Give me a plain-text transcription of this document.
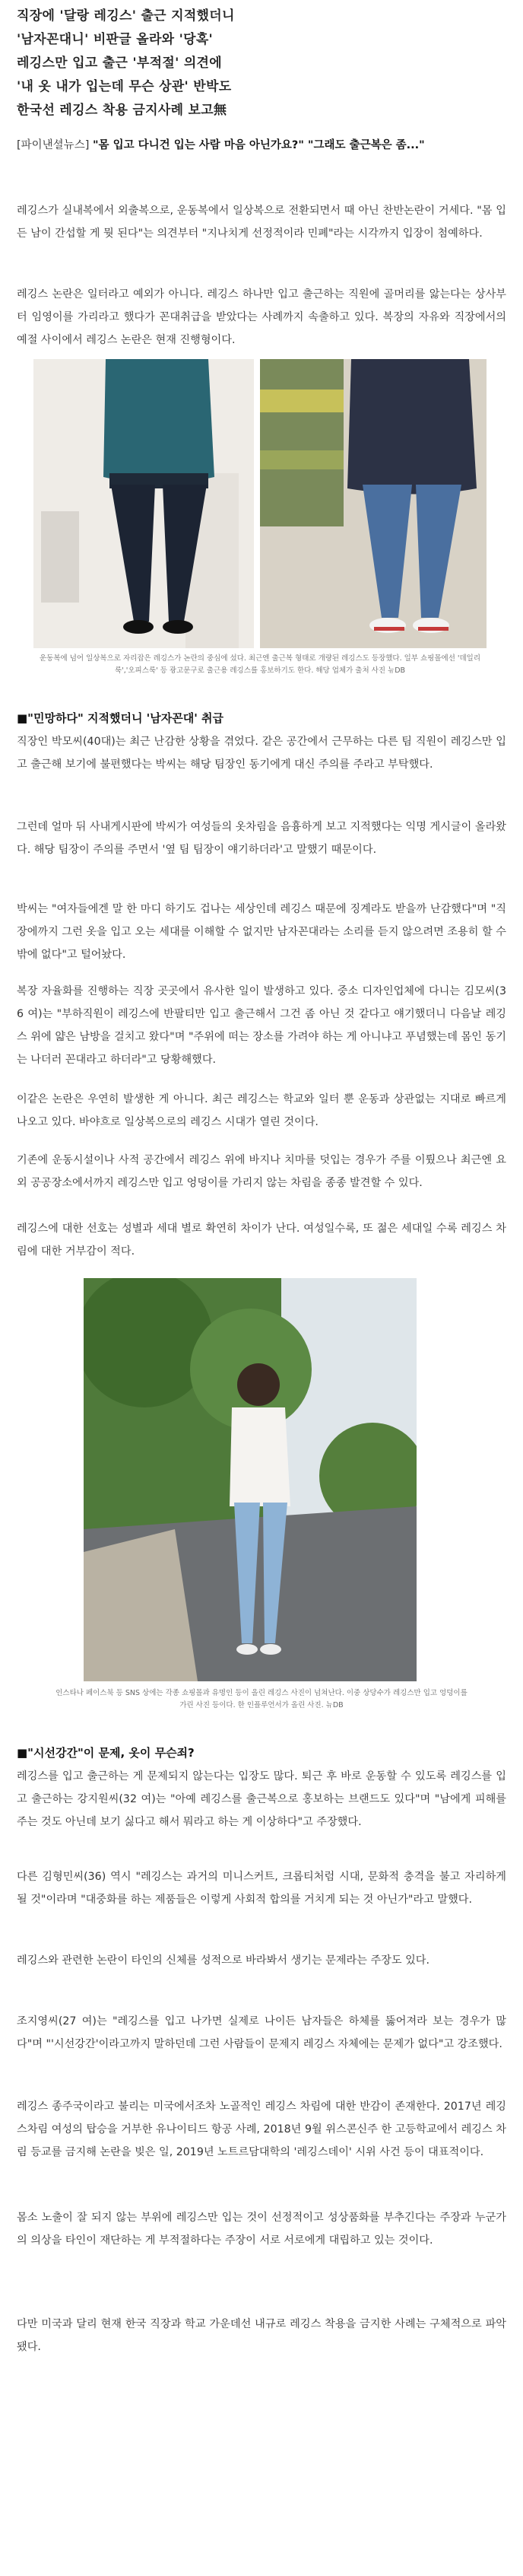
직장에 '달랑 레깅스' 출근 지적했더니
'남자꼰대니' 비판글 올라와 '당혹'
레깅스만 입고 출근 '부적절' 의견에
'내 옷 내가 입는데 무슨 상관' 반박도
한국선 레깅스 착용 금지사례 보고無

[파이낸셜뉴스] "몸 입고 다니건 입는 사람 마음 아닌가요?" "그래도 출근복은 좀..."

레깅스가 실내복에서 외출복으로, 운동복에서 일상복으로 전환되면서 때 아닌 찬반논란이 거세다. "몸 입든 남이 간섭할 게 뭣 된다"는 의견부터 "지나치게 선정적이라 민폐"라는 시각까지 입장이 첨예하다.

레깅스 논란은 일터라고 예외가 아니다. 레깅스 하나만 입고 출근하는 직원에 골머리를 앓는다는 상사부터 임영이를 가리라고 했다가 꼰대취급을 받았다는 사례까지 속출하고 있다. 복장의 자유와 직장에서의 예절 사이에서 레깅스 논란은 현재 진행형이다.

운동복에 넘어 일상복으로 자리잡은 레깅스가 논란의 중심에 섰다. 최근엔 출근복 형태로 개량된 레깅스도 등장했다. 일부 쇼핑몰에선 '데일리룩','오피스룩' 등 광고문구로 출근용 레깅스를 홍보하기도 한다. 해당 업체가 출처 사진 뉴DB

■"민망하다" 지적했더니 '남자꼰대' 취급

직장인 박모씨(40대)는 최근 난감한 상황을 겪었다. 같은 공간에서 근무하는 다른 팀 직원이 레깅스만 입고 출근해 보기에 불편했다는 박씨는 해당 팀장인 동기에게 대신 주의를 주라고 부탁했다.

그런데 얼마 뒤 사내게시판에 박씨가 여성들의 옷차림을 음흉하게 보고 지적했다는 익명 게시글이 올라왔다. 해당 팀장이 주의를 주면서 '옆 팀 팀장이 얘기하더라'고 말했기 때문이다.

박씨는 "여자들에겐 말 한 마디 하기도 겁나는 세상인데 레깅스 때문에 징계라도 받을까 난감했다"며 "직장에까지 그런 옷을 입고 오는 세대를 이해할 수 없지만 남자꼰대라는 소리를 듣지 않으려면 조용히 할 수밖에 없다"고 털어놨다.

복장 자율화를 진행하는 직장 곳곳에서 유사한 일이 발생하고 있다. 중소 디자인업체에 다니는 김모씨(36 여)는 "부하직원이 레깅스에 반팔티만 입고 출근해서 그건 좀 아닌 것 같다고 얘기했더니 다음날 레깅스 위에 얇은 남방을 걸치고 왔다"며 "주위에 떠는 장소를 가려야 하는 게 아니냐고 푸념했는데 몸인 동기는 나더러 꼰대라고 하더라"고 당황해했다.

이같은 논란은 우연히 발생한 게 아니다. 최근 레깅스는 학교와 일터 뿐 운동과 상관없는 지대로 빠르게 나오고 있다. 바야흐로 일상복으로의 레깅스 시대가 열린 것이다.

기존에 운동시설이나 사적 공간에서 레깅스 위에 바지나 치마를 덧입는 경우가 주를 이뤘으나 최근엔 요외 공공장소에서까지 레깅스만 입고 엉덩이를 가리지 않는 차림을 종종 발견할 수 있다.

레깅스에 대한 선호는 성별과 세대 별로 확연히 차이가 난다. 여성일수록, 또 젊은 세대일 수록 레깅스 차림에 대한 거부감이 적다.

인스타나 페이스북 등 SNS 상에는 각종 쇼핑몰과 유명인 등이 올린 레깅스 사진이 넘쳐난다. 이중 상당수가 레깅스만 입고 엉덩이를 가린 사진 등이다. 한 인플루언서가 올린 사진. 뉴DB

■"시선강간"이 문제, 옷이 무슨죄?

레깅스를 입고 출근하는 게 문제되지 않는다는 입장도 많다. 퇴근 후 바로 운동할 수 있도록 레깅스를 입고 출근하는 강지원씨(32 여)는 "아예 레깅스를 출근복으로 홍보하는 브랜드도 있다"며 "남에게 피해를 주는 것도 아닌데 보기 싫다고 해서 뭐라고 하는 게 이상하다"고 주장했다.

다른 김형민씨(36) 역시 "레깅스는 과거의 미니스커트, 크롭티처럼 시대, 문화적 충격을 불고 자리하게 될 것"이라며 "대중화를 하는 제품들은 이렇게 사회적 합의를 거치게 되는 것 아닌가"라고 말했다.

레깅스와 관련한 논란이 타인의 신체를 성적으로 바라봐서 생기는 문제라는 주장도 있다.

조지영씨(27 여)는 "레깅스를 입고 나가면 실제로 나이든 남자들은 하체를 뚫어져라 보는 경우가 많다"며 "'시선강간'이라고까지 말하던데 그런 사람들이 문제지 레깅스 자체에는 문제가 없다"고 강조했다.

레깅스 종주국이라고 불리는 미국에서조차 노골적인 레깅스 차림에 대한 반감이 존재한다. 2017년 레깅스차림 여성의 탑승을 거부한 유나이티드 항공 사례, 2018년 9월 위스콘신주 한 고등학교에서 레깅스 차림 등교를 금지해 논란을 빚은 일, 2019년 노트르담대학의 '레깅스데이' 시위 사건 등이 대표적이다.

몸소 노출이 잘 되지 않는 부위에 레깅스만 입는 것이 선정적이고 성상품화를 부추긴다는 주장과 누군가의 의상을 타인이 재단하는 게 부적절하다는 주장이 서로 서로에게 대립하고 있는 것이다.

다만 미국과 달리 현재 한국 직장과 학교 가운데선 내규로 레깅스 착용을 금지한 사례는 구체적으로 파악됐다.
